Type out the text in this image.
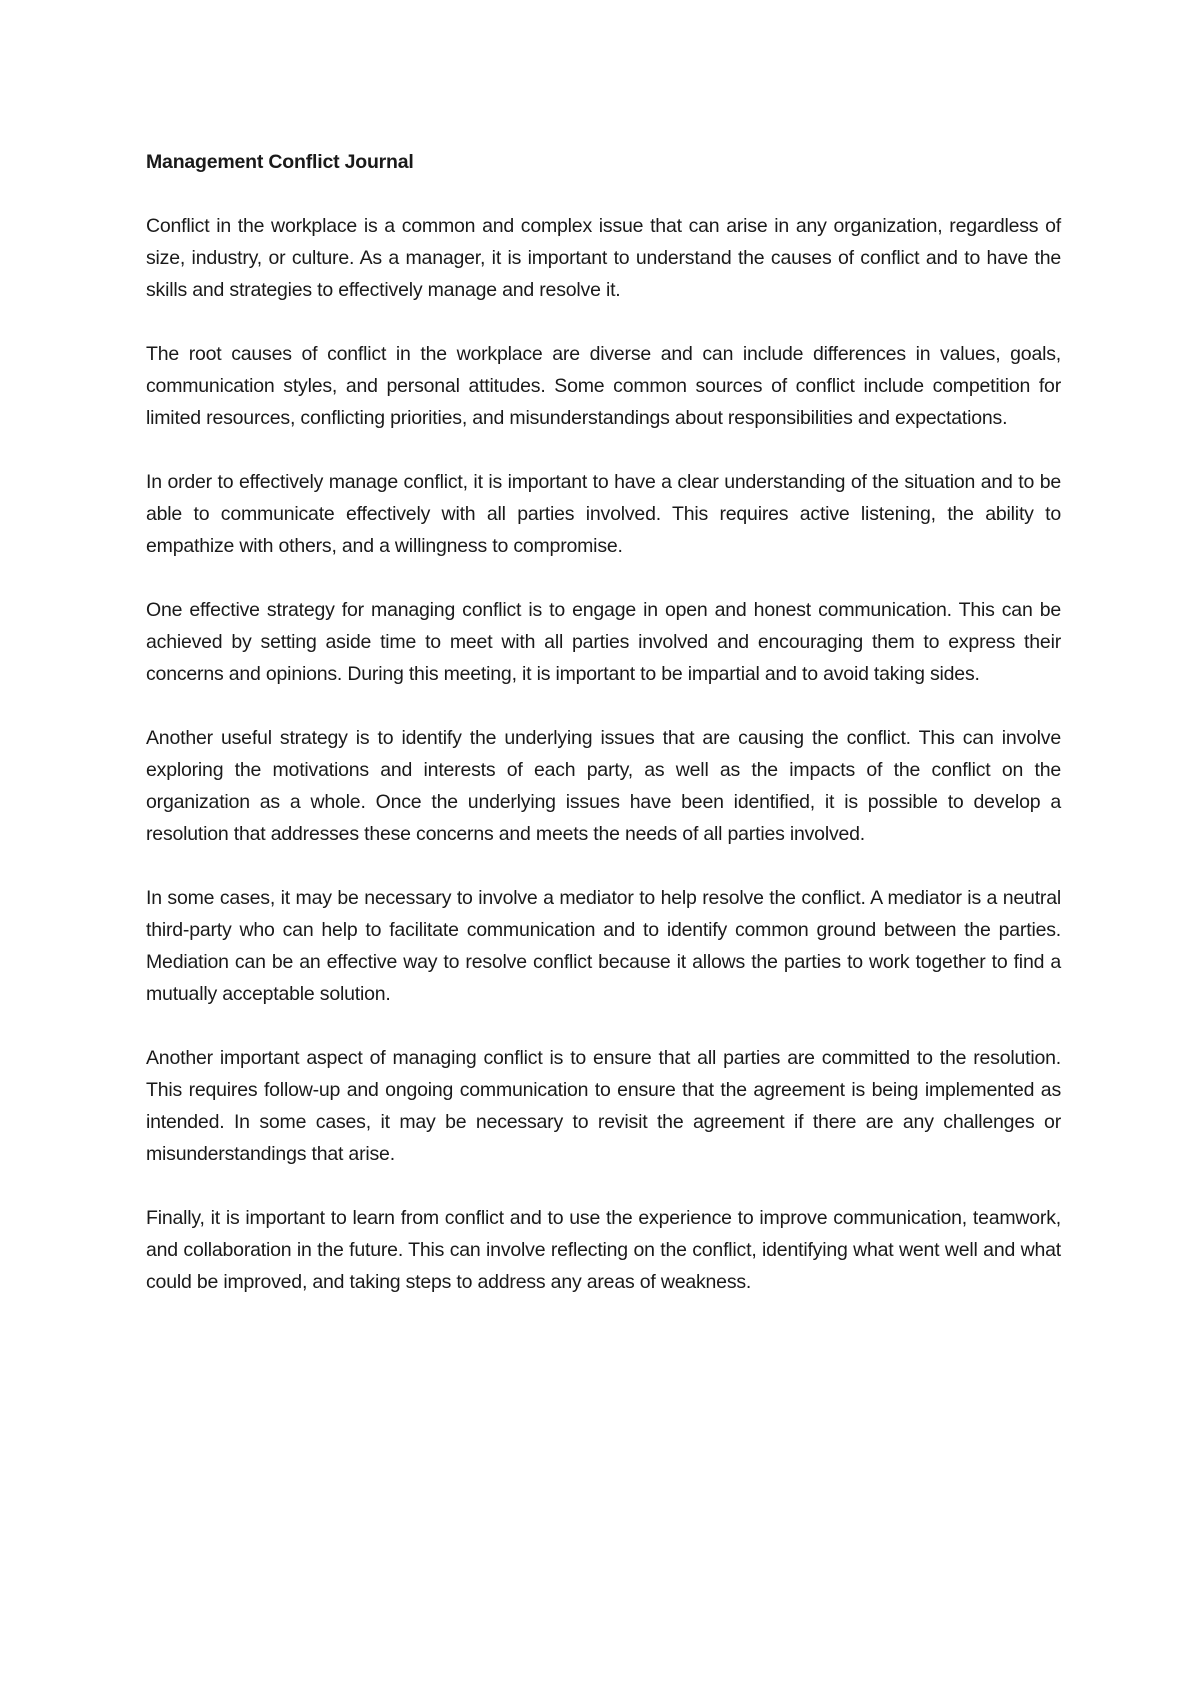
Management Conflict Journal

Conflict in the workplace is a common and complex issue that can arise in any organization, regardless of size, industry, or culture. As a manager, it is important to understand the causes of conflict and to have the skills and strategies to effectively manage and resolve it.

The root causes of conflict in the workplace are diverse and can include differences in values, goals, communication styles, and personal attitudes. Some common sources of conflict include competition for limited resources, conflicting priorities, and misunderstandings about responsibilities and expectations.

In order to effectively manage conflict, it is important to have a clear understanding of the situation and to be able to communicate effectively with all parties involved. This requires active listening, the ability to empathize with others, and a willingness to compromise.

One effective strategy for managing conflict is to engage in open and honest communication. This can be achieved by setting aside time to meet with all parties involved and encouraging them to express their concerns and opinions. During this meeting, it is important to be impartial and to avoid taking sides.

Another useful strategy is to identify the underlying issues that are causing the conflict. This can involve exploring the motivations and interests of each party, as well as the impacts of the conflict on the organization as a whole. Once the underlying issues have been identified, it is possible to develop a resolution that addresses these concerns and meets the needs of all parties involved.

In some cases, it may be necessary to involve a mediator to help resolve the conflict. A mediator is a neutral third-party who can help to facilitate communication and to identify common ground between the parties. Mediation can be an effective way to resolve conflict because it allows the parties to work together to find a mutually acceptable solution.

Another important aspect of managing conflict is to ensure that all parties are committed to the resolution. This requires follow-up and ongoing communication to ensure that the agreement is being implemented as intended. In some cases, it may be necessary to revisit the agreement if there are any challenges or misunderstandings that arise.

Finally, it is important to learn from conflict and to use the experience to improve communication, teamwork, and collaboration in the future. This can involve reflecting on the conflict, identifying what went well and what could be improved, and taking steps to address any areas of weakness.
